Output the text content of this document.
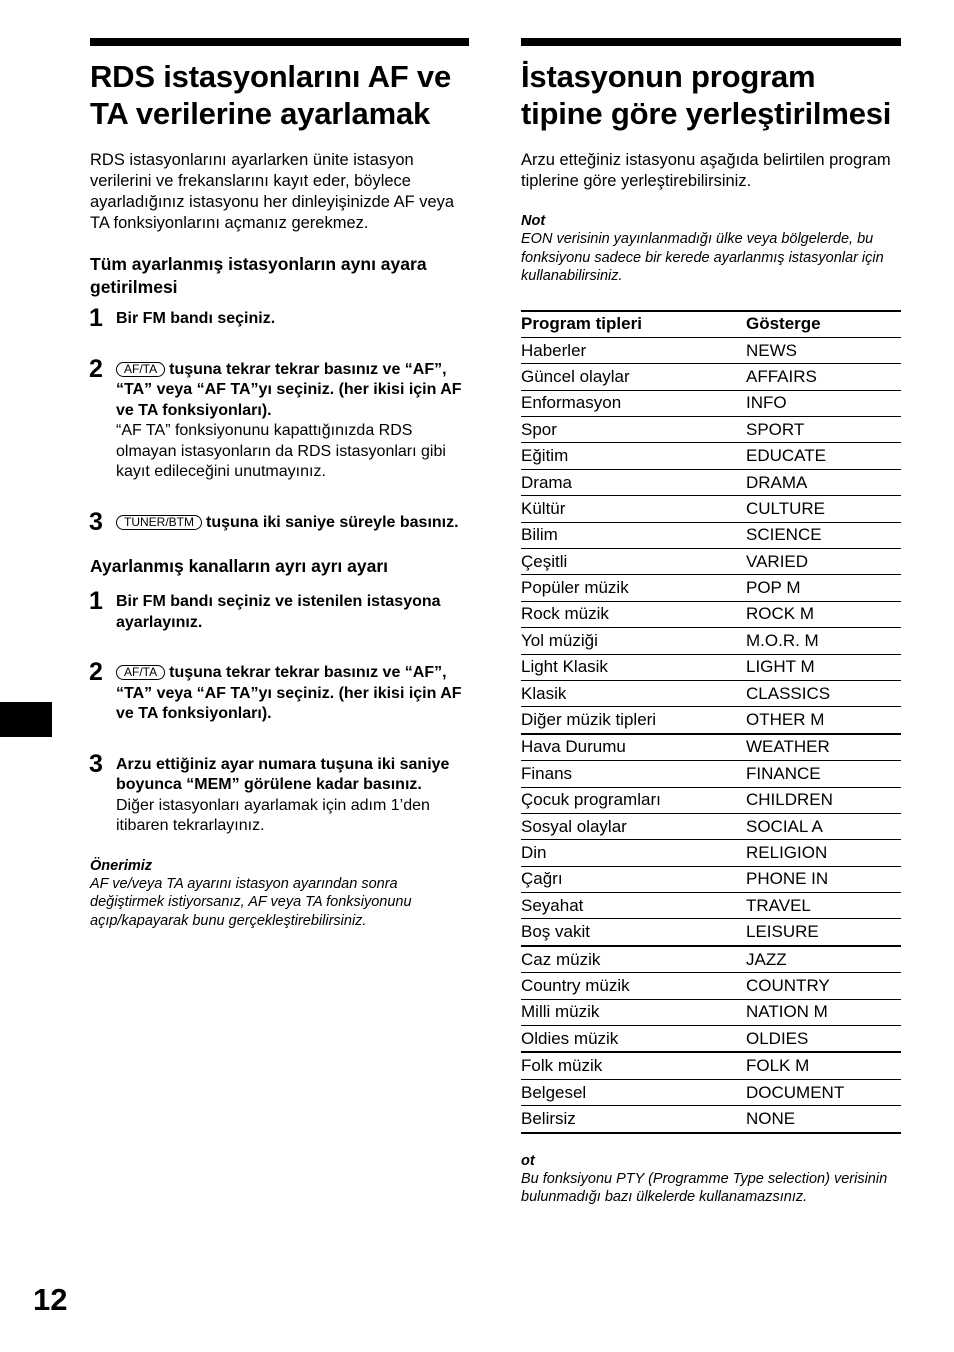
RDS istasyonlarını AF ve TA verilerine ayarlamak

RDS istasyonlarını ayarlarken ünite istasyon verilerini ve frekanslarını kayıt eder, böylece ayarladığınız istasyonu her dinleyişinizde AF veya TA fonksiyonlarını açmanız gerekmez.

Tüm ayarlanmış istasyonların aynı ayara getirilmesi
1 Bir FM bandı seçiniz.
2 AF/TA tuşuna tekrar tekrar basınız ve “AF”, “TA” veya “AF TA”yı seçiniz. (her ikisi için AF ve TA fonksiyonları).
“AF TA” fonksiyonunu kapattığınızda RDS olmayan istasyonların da RDS istasyonları gibi kayıt edileceğini unutmayınız.
3 TUNER/BTM tuşuna iki saniye süreyle basınız.
Ayarlanmış kanalların ayrı ayrı ayarı
1 Bir FM bandı seçiniz ve istenilen istasyona ayarlayınız.
2 AF/TA tuşuna tekrar tekrar basınız ve “AF”, “TA” veya “AF TA”yı seçiniz. (her ikisi için AF ve TA fonksiyonları).
3 Arzu ettiğiniz ayar numara tuşuna iki saniye boyunca “MEM” görülene kadar basınız.
Diğer istasyonları ayarlamak için adım 1’den itibaren tekrarlayınız.
Önerimiz
AF ve/veya TA ayarını istasyon ayarından sonra değiştirmek istiyorsanız, AF veya TA fonksiyonunu açıp/kapayarak bunu gerçekleştirebilirsiniz.
İstasyonun program tipine göre yerleştirilmesi

Arzu etteğiniz istasyonu aşağıda belirtilen program tiplerine göre yerleştirebilirsiniz.

Not
EON verisinin yayınlanmadığı ülke veya bölgelerde, bu fonksiyonu sadece bir kerede ayarlanmış istasyonlar için kullanabilirsiniz.
Program tipleri	Gösterge
Haberler	NEWS
Güncel olaylar	AFFAIRS
Enformasyon	INFO
Spor	SPORT
Eğitim	EDUCATE
Drama	DRAMA
Kültür	CULTURE
Bilim	SCIENCE
Çeşitli	VARIED
Popüler müzik	POP M
Rock müzik	ROCK M
Yol müziği	M.O.R. M
Light Klasik	LIGHT M
Klasik	CLASSICS
Diğer müzik tipleri	OTHER M
Hava Durumu	WEATHER
Finans	FINANCE
Çocuk programları	CHILDREN
Sosyal olaylar	SOCIAL A
Din	RELIGION
Çağrı	PHONE IN
Seyahat	TRAVEL
Boş vakit	LEISURE
Caz müzik	JAZZ
Country müzik	COUNTRY
Milli müzik	NATION M
Oldies müzik	OLDIES
Folk müzik	FOLK M
Belgesel	DOCUMENT
Belirsiz	NONE
ot
Bu fonksiyonu PTY (Programme Type selection) verisinin bulunmadığı bazı ülkelerde kullanamazsınız.
12
